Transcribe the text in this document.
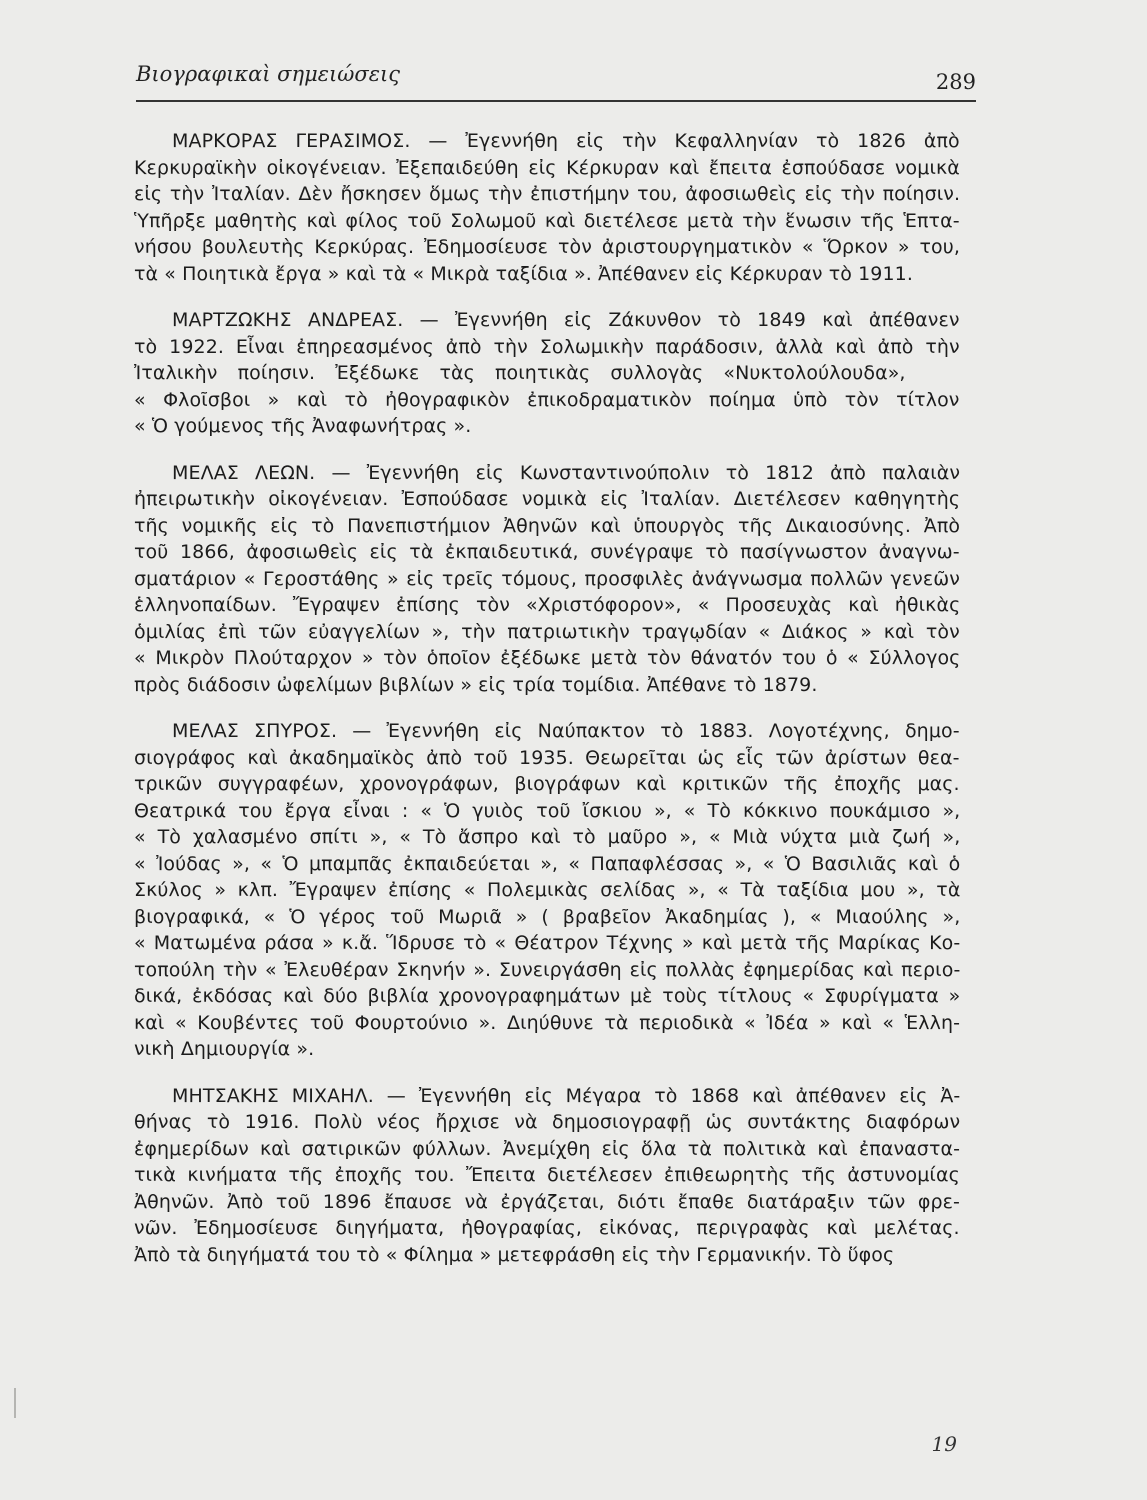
Βιογραφικαὶ σημειώσεις	289
ΜΑΡΚΟΡΑΣ ΓΕΡΑΣΙΜΟΣ. — Ἐγεννήθη εἰς τὴν Κεφαλληνίαν τὸ 1826 ἀπὸ
Κερκυραϊκὴν οἰκογένειαν. Ἐξεπαιδεύθη εἰς Κέρκυραν καὶ ἔπειτα ἐσπούδασε νομικὰ
εἰς τὴν Ἰταλίαν. Δὲν ἤσκησεν ὅμως τὴν ἐπιστήμην του, ἀφοσιωθεὶς εἰς τὴν ποίησιν.
Ὑπῆρξε μαθητὴς καὶ φίλος τοῦ Σολωμοῦ καὶ διετέλεσε μετὰ τὴν ἕνωσιν τῆς Ἑπτα-
νήσου βουλευτὴς Κερκύρας. Ἐδημοσίευσε τὸν ἀριστουργηματικὸν « Ὅρκον » του,
τὰ « Ποιητικὰ ἔργα » καὶ τὰ « Μικρὰ ταξίδια ». Ἀπέθανεν εἰς Κέρκυραν τὸ 1911.
ΜΑΡΤΖΩΚΗΣ ΑΝΔΡΕΑΣ. — Ἐγεννήθη εἰς Ζάκυνθον τὸ 1849 καὶ ἀπέθανεν
τὸ 1922. Εἶναι ἐπηρεασμένος ἀπὸ τὴν Σολωμικὴν παράδοσιν, ἀλλὰ καὶ ἀπὸ τὴν
Ἰταλικὴν ποίησιν. Ἐξέδωκε τὰς ποιητικὰς συλλογὰς «Νυκτολούλουδα»,
« Φλοῖσβοι » καὶ τὸ ἠθογραφικὸν ἐπικοδραματικὸν ποίημα ὑπὸ τὸν τίτλον
« Ὁ γούμενος τῆς Ἀναφωνήτρας ».
ΜΕΛΑΣ ΛΕΩΝ. — Ἐγεννήθη εἰς Κωνσταντινούπολιν τὸ 1812 ἀπὸ παλαιὰν
ἠπειρωτικὴν οἰκογένειαν. Ἐσπούδασε νομικὰ εἰς Ἰταλίαν. Διετέλεσεν καθηγητὴς
τῆς νομικῆς εἰς τὸ Πανεπιστήμιον Ἀθηνῶν καὶ ὑπουργὸς τῆς Δικαιοσύνης. Ἀπὸ
τοῦ 1866, ἀφοσιωθεὶς εἰς τὰ ἐκπαιδευτικά, συνέγραψε τὸ πασίγνωστον ἀναγνω-
σματάριον « Γεροστάθης » εἰς τρεῖς τόμους, προσφιλὲς ἀνάγνωσμα πολλῶν γενεῶν
ἑλληνοπαίδων. Ἔγραψεν ἐπίσης τὸν «Χριστόφορον», « Προσευχὰς καὶ ἠθικὰς
ὁμιλίας ἐπὶ τῶν εὐαγγελίων », τὴν πατριωτικὴν τραγῳδίαν « Διάκος » καὶ τὸν
« Μικρὸν Πλούταρχον » τὸν ὁποῖον ἐξέδωκε μετὰ τὸν θάνατόν του ὁ « Σύλλογος
πρὸς διάδοσιν ὠφελίμων βιβλίων » εἰς τρία τομίδια. Ἀπέθανε τὸ 1879.
ΜΕΛΑΣ ΣΠΥΡΟΣ. — Ἐγεννήθη εἰς Ναύπακτον τὸ 1883. Λογοτέχνης, δημο-
σιογράφος καὶ ἀκαδημαϊκὸς ἀπὸ τοῦ 1935. Θεωρεῖται ὡς εἷς τῶν ἀρίστων θεα-
τρικῶν συγγραφέων, χρονογράφων, βιογράφων καὶ κριτικῶν τῆς ἐποχῆς μας.
Θεατρικά του ἔργα εἶναι : « Ὁ γυιὸς τοῦ ἴσκιου », « Τὸ κόκκινο πουκάμισο »,
« Τὸ χαλασμένο σπίτι », « Τὸ ἄσπρο καὶ τὸ μαῦρο », « Μιὰ νύχτα μιὰ ζωή »,
« Ἰούδας », « Ὁ μπαμπᾶς ἐκπαιδεύεται », « Παπαφλέσσας », « Ὁ Βασιλιᾶς καὶ ὁ
Σκύλος » κλπ. Ἔγραψεν ἐπίσης « Πολεμικὰς σελίδας », « Τὰ ταξίδια μου », τὰ
βιογραφικά, « Ὁ γέρος τοῦ Μωριᾶ » ( βραβεῖον Ἀκαδημίας ), « Μιαούλης »,
« Ματωμένα ράσα » κ.ἄ. Ἵδρυσε τὸ « Θέατρον Τέχνης » καὶ μετὰ τῆς Μαρίκας Κο-
τοπούλη τὴν « Ἐλευθέραν Σκηνήν ». Συνειργάσθη εἰς πολλὰς ἐφημερίδας καὶ περιο-
δικά, ἐκδόσας καὶ δύο βιβλία χρονογραφημάτων μὲ τοὺς τίτλους « Σφυρίγματα »
καὶ « Κουβέντες τοῦ Φουρτούνιο ». Διηύθυνε τὰ περιοδικὰ « Ἰδέα » καὶ « Ἑλλη-
νικὴ Δημιουργία ».
ΜΗΤΣΑΚΗΣ ΜΙΧΑΗΛ. — Ἐγεννήθη εἰς Μέγαρα τὸ 1868 καὶ ἀπέθανεν εἰς Ἀ-
θήνας τὸ 1916. Πολὺ νέος ἤρχισε νὰ δημοσιογραφῇ ὡς συντάκτης διαφόρων
ἐφημερίδων καὶ σατιρικῶν φύλλων. Ἀνεμίχθη εἰς ὅλα τὰ πολιτικὰ καὶ ἐπαναστα-
τικὰ κινήματα τῆς ἐποχῆς του. Ἔπειτα διετέλεσεν ἐπιθεωρητὴς τῆς ἀστυνομίας
Ἀθηνῶν. Ἀπὸ τοῦ 1896 ἔπαυσε νὰ ἐργάζεται, διότι ἔπαθε διατάραξιν τῶν φρε-
νῶν. Ἐδημοσίευσε διηγήματα, ἠθογραφίας, εἰκόνας, περιγραφὰς καὶ μελέτας.
Ἀπὸ τὰ διηγήματά του τὸ « Φίλημα » μετεφράσθη εἰς τὴν Γερμανικήν. Τὸ ὕφος
19
